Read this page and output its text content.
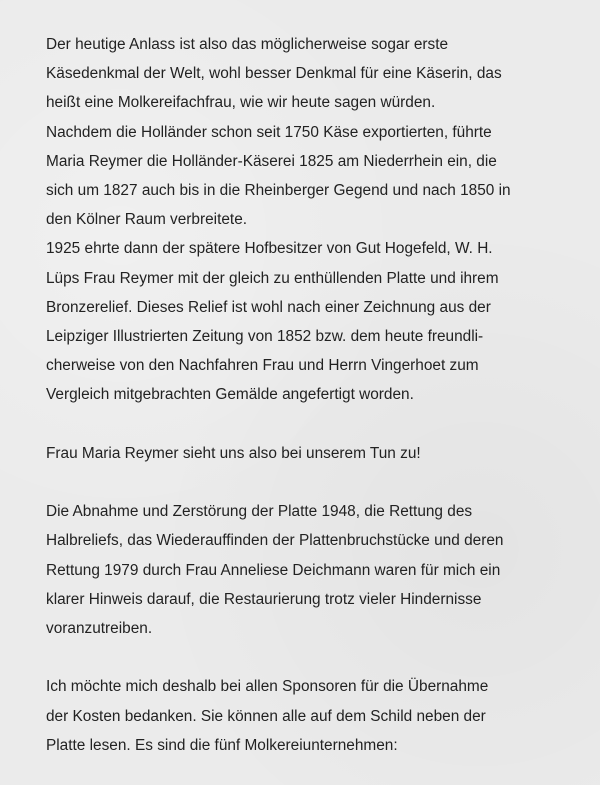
Der heutige Anlass ist also das möglicherweise sogar erste
Käsedenkmal der Welt, wohl besser Denkmal für eine Käserin, das
heißt eine Molkereifachfrau, wie wir heute sagen würden.
Nachdem die Holländer schon seit 1750 Käse exportierten, führte
Maria Reymer die Holländer-Käserei 1825 am Niederrhein ein, die
sich um 1827 auch bis in die Rheinberger Gegend und nach 1850 in
den Kölner Raum verbreitete.
1925 ehrte dann der spätere Hofbesitzer von Gut Hogefeld, W. H.
Lüps Frau Reymer mit der gleich zu enthüllenden Platte und ihrem
Bronzerelief. Dieses Relief ist wohl nach einer Zeichnung aus der
Leipziger Illustrierten Zeitung von 1852 bzw. dem heute freundli-
cherweise von den Nachfahren Frau und Herrn Vingerhoet zum
Vergleich mitgebrachten Gemälde angefertigt worden.
Frau Maria Reymer sieht uns also bei unserem Tun zu!
Die Abnahme und Zerstörung der Platte 1948, die Rettung des
Halbreliefs, das Wiederauffinden der Plattenbruchstücke und deren
Rettung 1979 durch Frau Anneliese Deichmann waren für mich ein
klarer Hinweis darauf, die Restaurierung trotz vieler Hindernisse
voranzutreiben.
Ich möchte mich deshalb bei allen Sponsoren für die Übernahme
der Kosten bedanken. Sie können alle auf dem Schild neben der
Platte lesen. Es sind die fünf Molkereiunternehmen:
